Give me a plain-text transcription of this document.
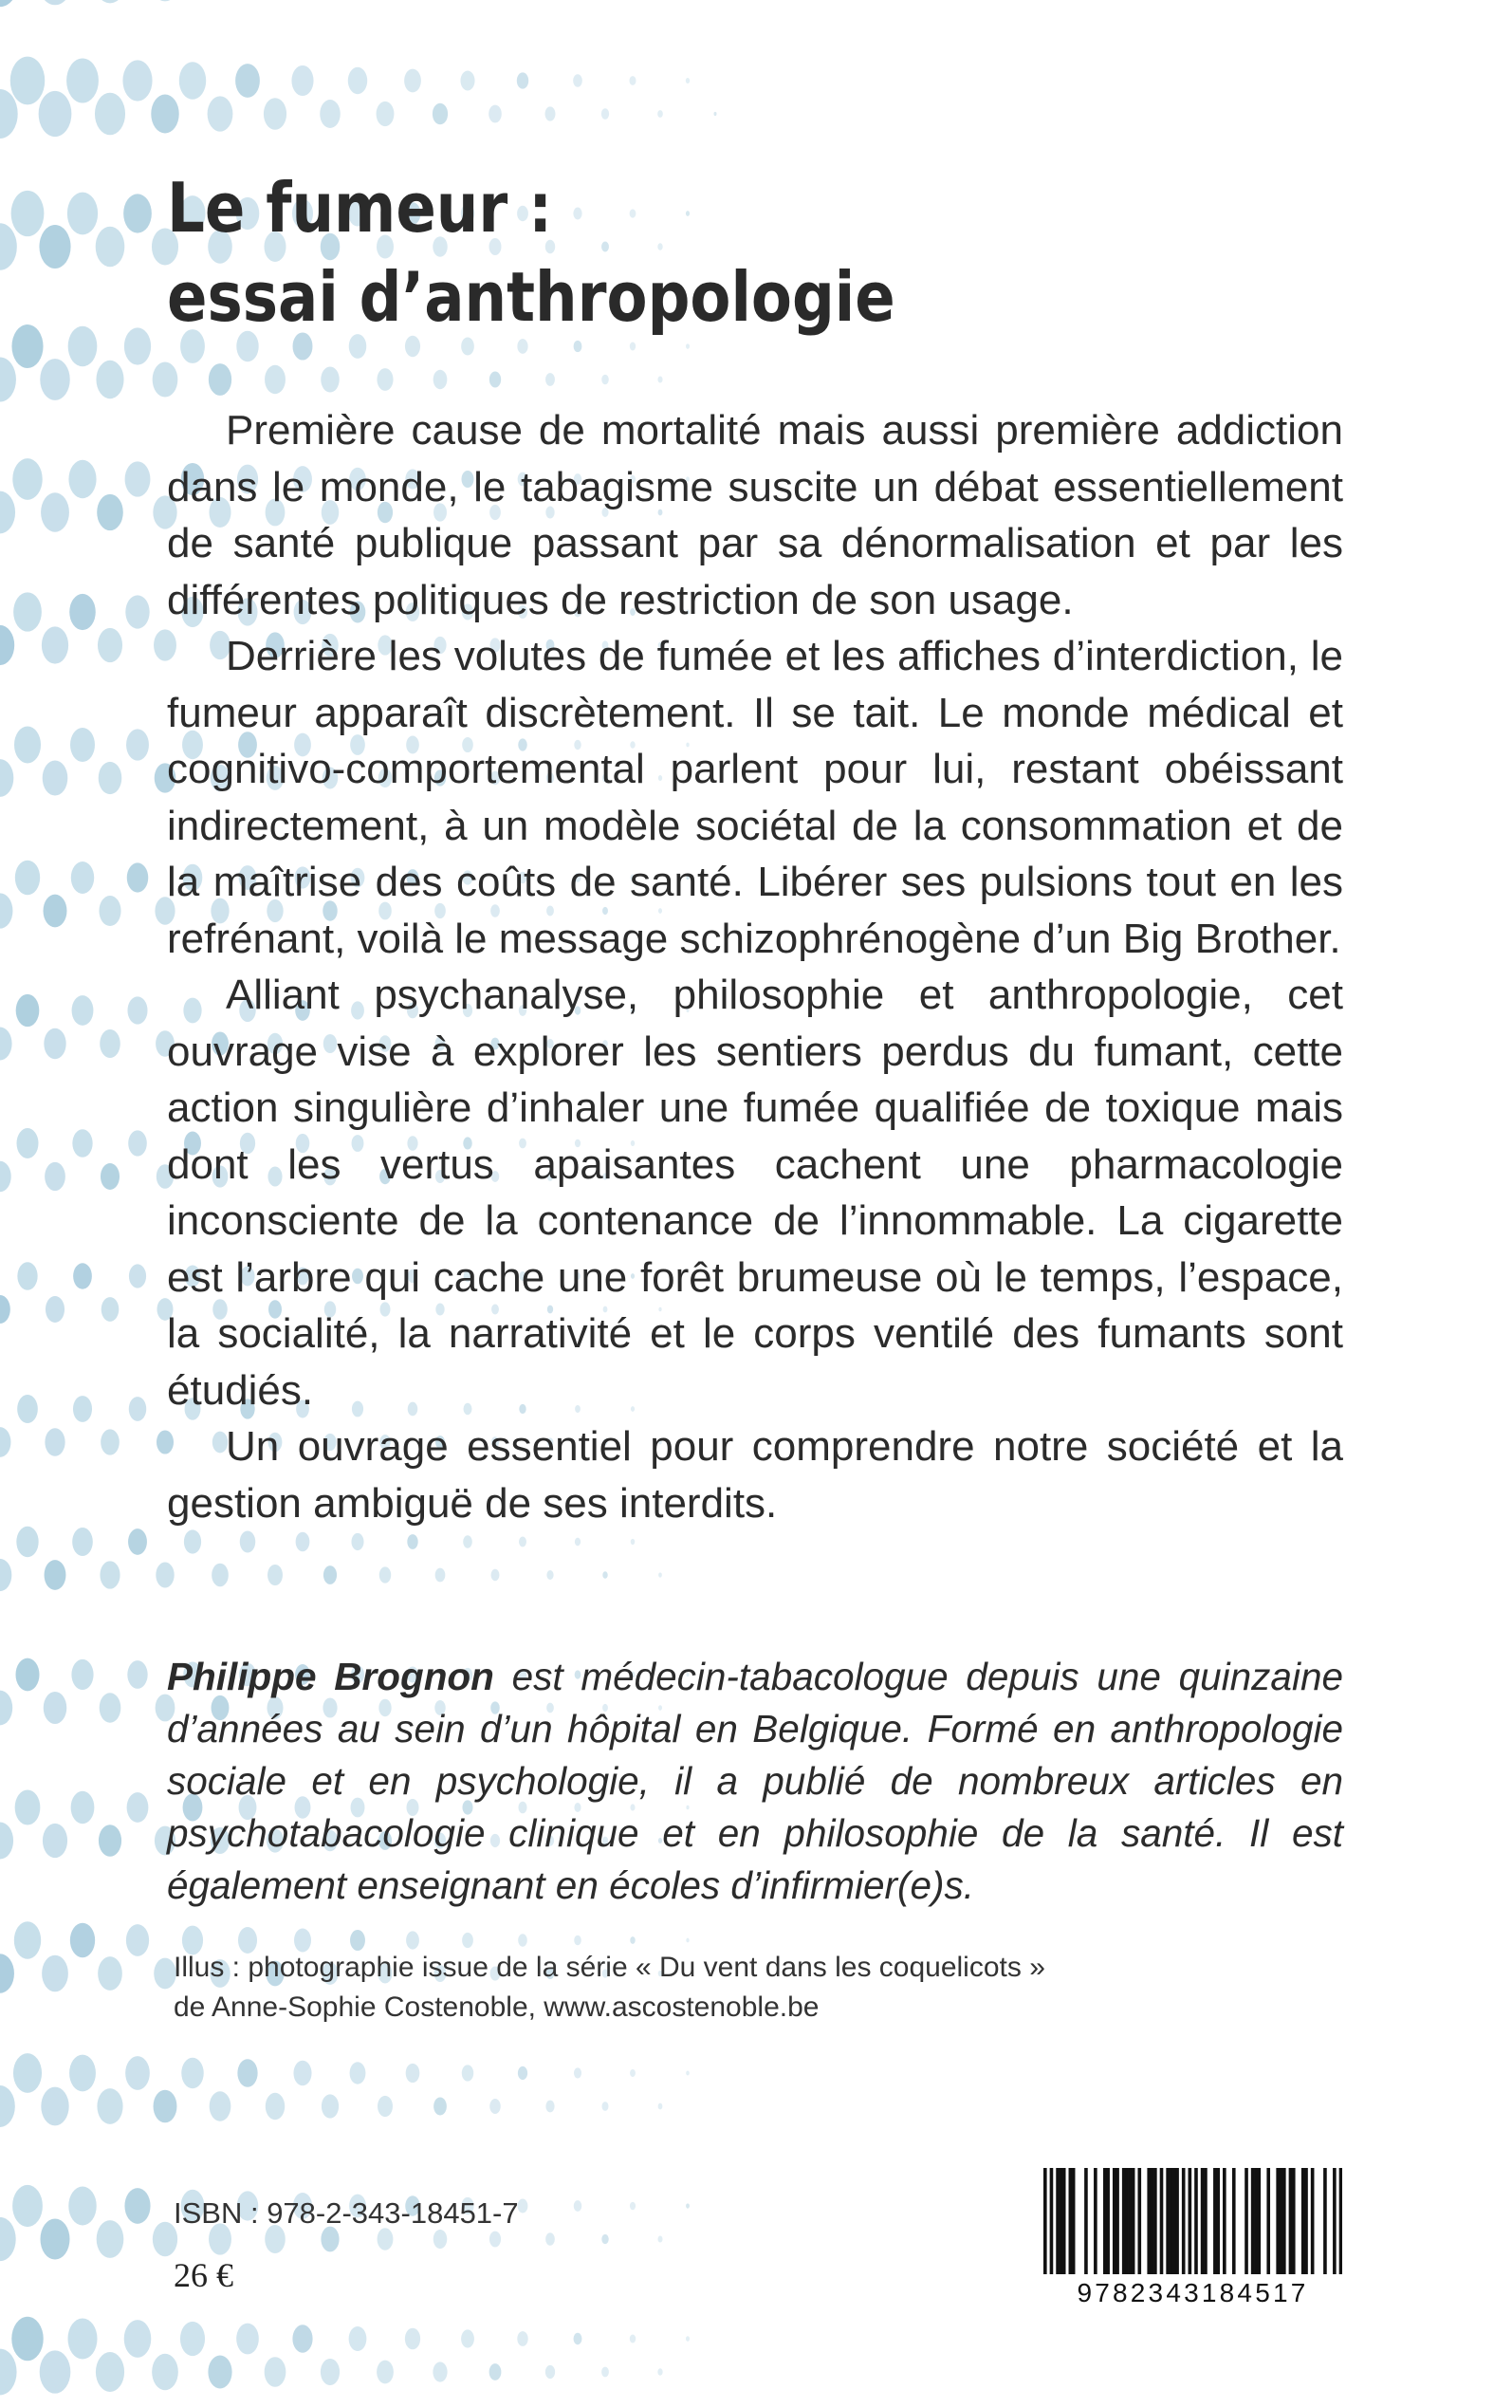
Le fumeur :
essai d’anthropologie

Première cause de mortalité mais aussi première addiction dans le monde, le tabagisme suscite un débat essentiellement de santé publique passant par sa dénormalisation et par les différentes politiques de restriction de son usage.

Derrière les volutes de fumée et les affiches d’interdiction, le fumeur apparaît discrètement. Il se tait. Le monde médical et cognitivo-comportemental parlent pour lui, restant obéissant indirectement, à un modèle sociétal de la consommation et de la maîtrise des coûts de santé. Libérer ses pulsions tout en les refrénant, voilà le message schizophrénogène d’un Big Brother.

Alliant psychanalyse, philosophie et anthropologie, cet ouvrage vise à explorer les sentiers perdus du fumant, cette action singulière d’inhaler une fumée qualifiée de toxique mais dont les vertus apaisantes cachent une pharmacologie inconsciente de la contenance de l’innommable. La cigarette est l’arbre qui cache une forêt brumeuse où le temps, l’espace, la socialité, la narrativité et le corps ventilé des fumants sont étudiés.

Un ouvrage essentiel pour comprendre notre société et la gestion ambiguë de ses interdits.

Philippe Brognon est médecin-tabacologue depuis une quinzaine d’années au sein d’un hôpital en Belgique. Formé en anthropologie sociale et en psychologie, il a publié de nombreux articles en psychotabacologie clinique et en philosophie de la santé. Il est également enseignant en écoles d’infirmier(e)s.

Illus : photographie issue de la série « Du vent dans les coquelicots »
de Anne-Sophie Costenoble, www.ascostenoble.be
ISBN : 978-2-343-18451-7
26 €	9782343184517
